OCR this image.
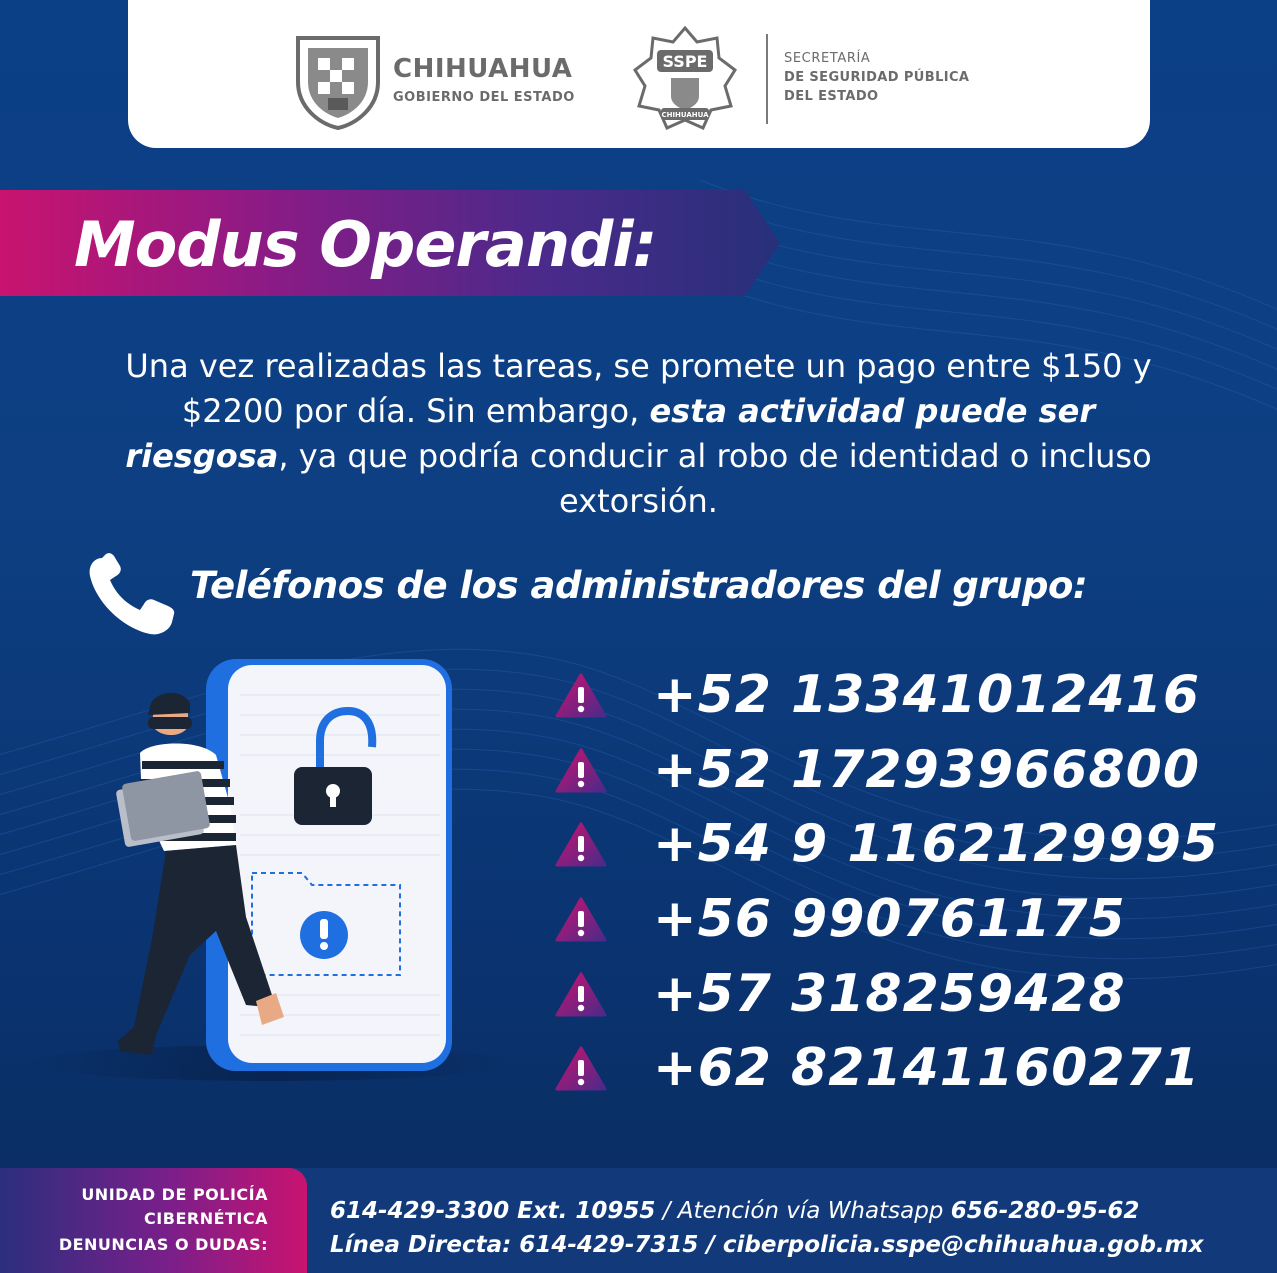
CHIHUAHUA
GOBIERNO DEL ESTADO
SSPE
CHIHUAHUA
SECRETARÍA
DE SEGURIDAD PÚBLICA
DEL ESTADO
Modus Operandi:
Una vez realizadas las tareas, se promete un pago entre $150 y $2200 por día. Sin embargo, esta actividad puede ser riesgosa, ya que podría conducir al robo de identidad o incluso extorsión.
Teléfonos de los administradores del grupo:
+52 13341012416
+52 17293966800
+54 9 1162129995
+56 990761175
+57 318259428
+62 82141160271
UNIDAD DE POLICÍA
CIBERNÉTICA
DENUNCIAS O DUDAS:
614-429-3300 Ext. 10955 / Atención vía Whatsapp 656-280-95-62
Línea Directa: 614-429-7315 / ciberpolicia.sspe@chihuahua.gob.mx
